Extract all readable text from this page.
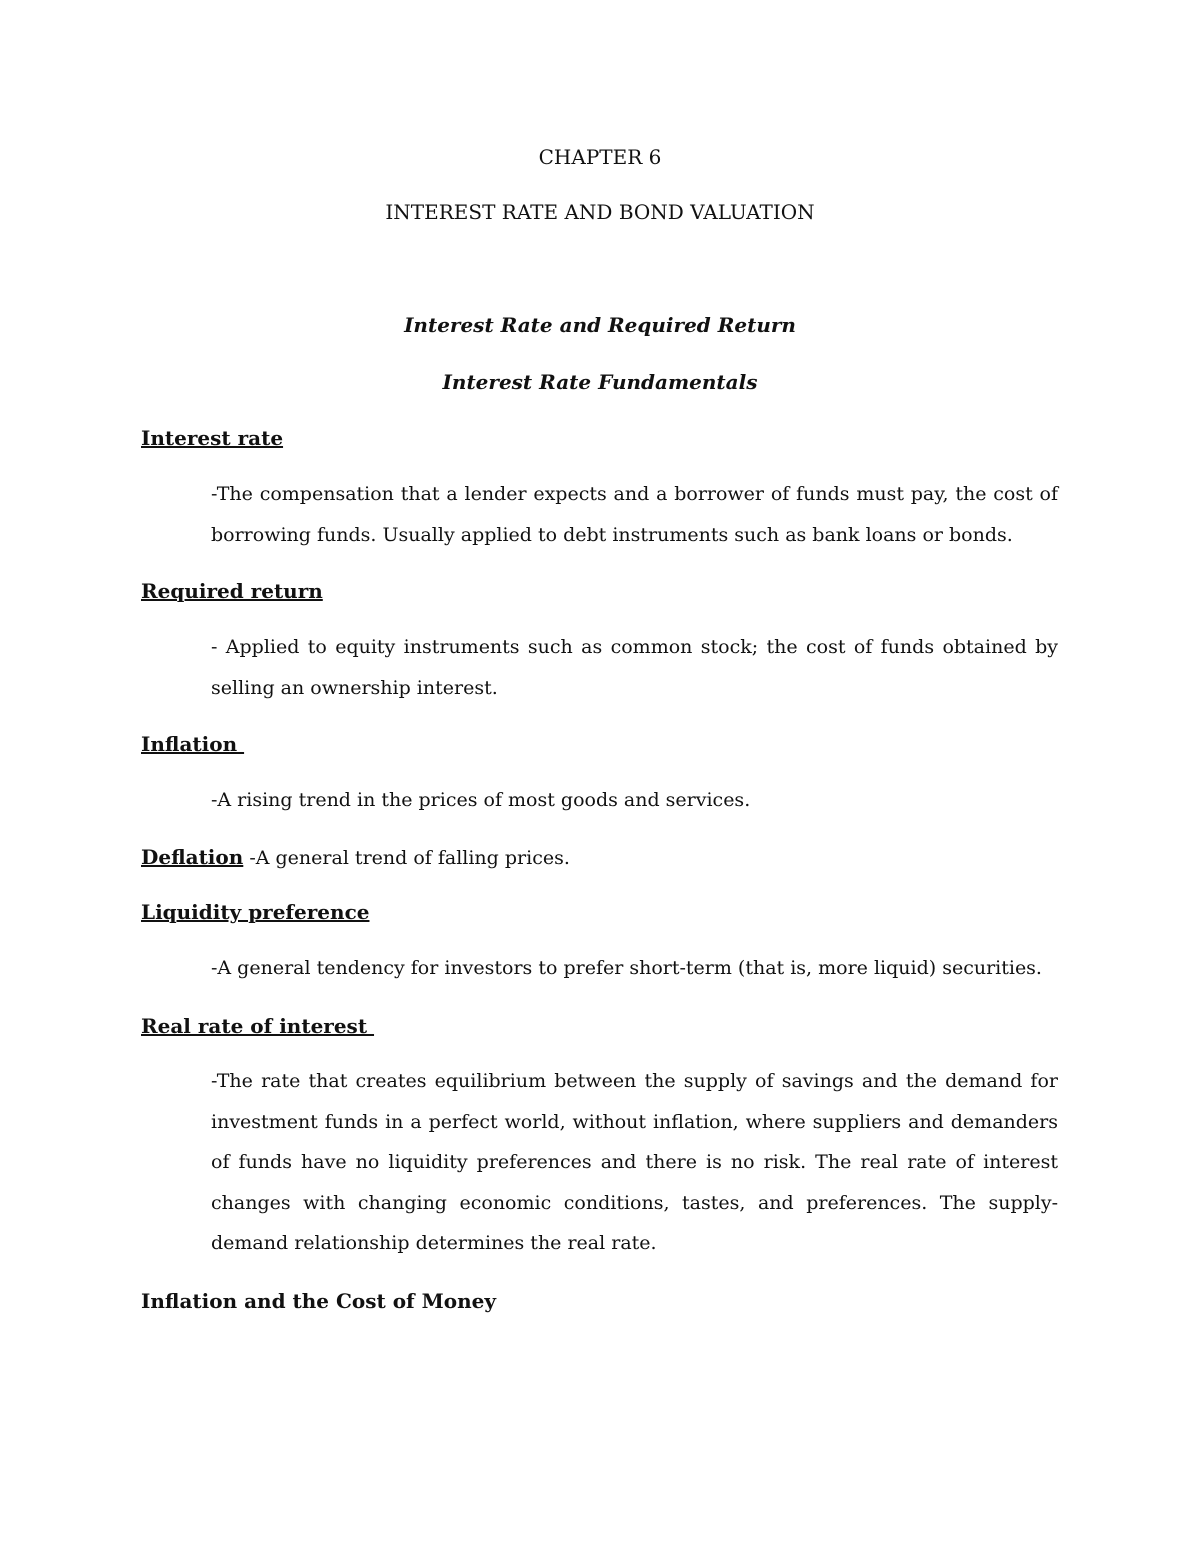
CHAPTER 6
INTEREST RATE AND BOND VALUATION
Interest Rate and Required Return
Interest Rate Fundamentals
Interest rate
-The compensation that a lender expects and a borrower of funds must pay, the cost of borrowing funds. Usually applied to debt instruments such as bank loans or bonds.
Required return
- Applied to equity instruments such as common stock; the cost of funds obtained by selling an ownership interest.
Inflation
-A rising trend in the prices of most goods and services.
Deflation -A general trend of falling prices.
Liquidity preference
-A general tendency for investors to prefer short-term (that is, more liquid) securities.
Real rate of interest
-The rate that creates equilibrium between the supply of savings and the demand for investment funds in a perfect world, without inflation, where suppliers and demanders of funds have no liquidity preferences and there is no risk. The real rate of interest changes with changing economic conditions, tastes, and preferences. The supply-demand relationship determines the real rate.
Inflation and the Cost of Money
